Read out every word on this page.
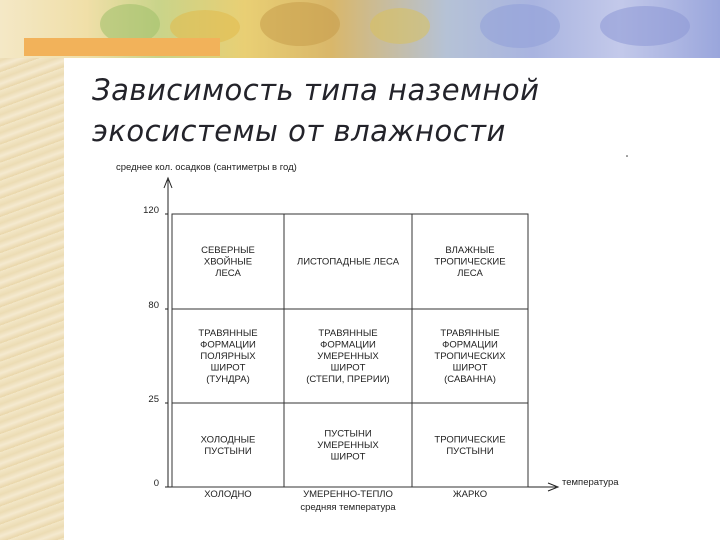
Зависимость типа наземной
экосистемы от влажности
среднее кол. осадков (сантиметры в год)
температура
средняя температура
120
80
25
0
СЕВЕРНЫЕ ХВОЙНЫЕ ЛЕСА
ЛИСТОПАДНЫЕ ЛЕСА
ВЛАЖНЫЕ ТРОПИЧЕСКИЕ ЛЕСА
ТРАВЯННЫЕ ФОРМАЦИИ ПОЛЯРНЫХ ШИРОТ (ТУНДРА)
ТРАВЯННЫЕ ФОРМАЦИИ УМЕРЕННЫХ ШИРОТ (СТЕПИ, ПРЕРИИ)
ТРАВЯННЫЕ ФОРМАЦИИ ТРОПИЧЕСКИХ ШИРОТ (САВАННА)
ХОЛОДНЫЕ ПУСТЫНИ
ПУСТЫНИ УМЕРЕННЫХ ШИРОТ
ТРОПИЧЕСКИЕ ПУСТЫНИ
ХОЛОДНО	УМЕРЕННО-ТЕПЛО	ЖАРКО
